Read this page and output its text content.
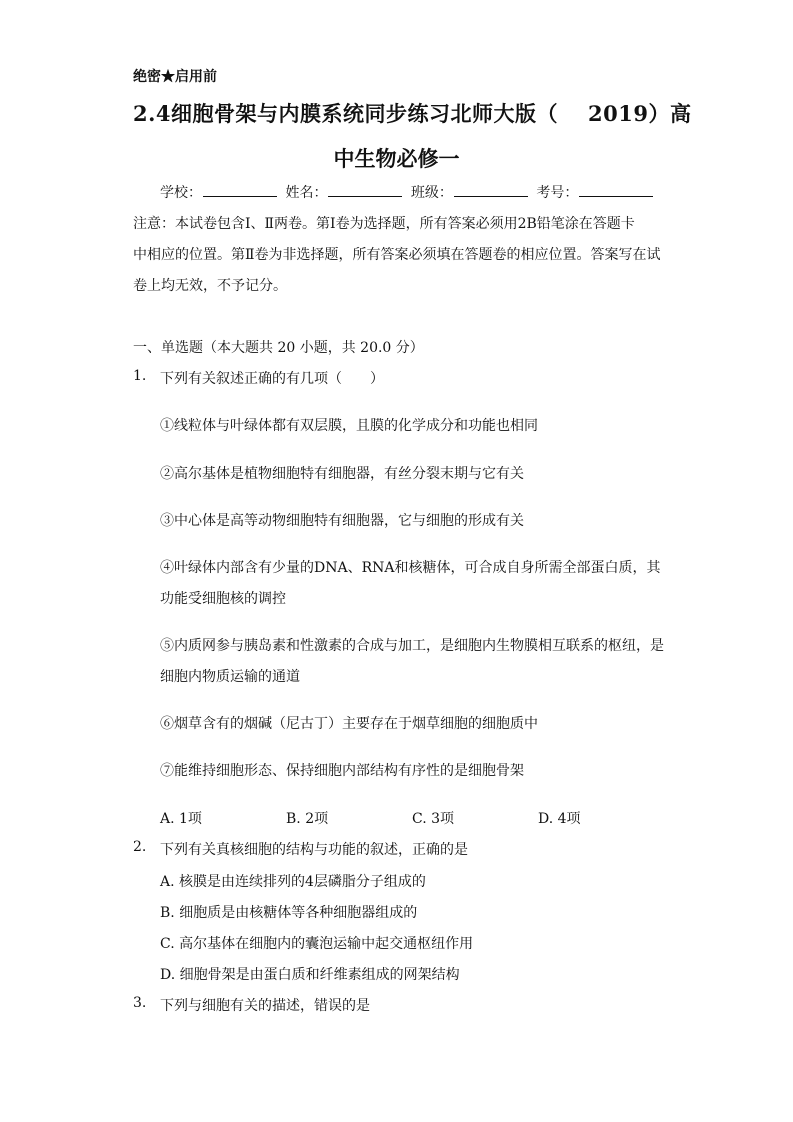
绝密★启用前
2.4细胞骨架与内膜系统同步练习北师大版（ 2019）高
中生物必修一
学校：	姓名：	班级：	考号：
注意：本试卷包含Ⅰ、Ⅱ两卷。第Ⅰ卷为选择题，所有答案必须用2B铅笔涂在答题卡
中相应的位置。第Ⅱ卷为非选择题，所有答案必须填在答题卷的相应位置。答案写在试
卷上均无效，不予记分。
一、单选题（本大题共 20 小题，共 20.0 分）
1. 下列有关叙述正确的有几项（　　）
①线粒体与叶绿体都有双层膜，且膜的化学成分和功能也相同
②高尔基体是植物细胞特有细胞器，有丝分裂末期与它有关
③中心体是高等动物细胞特有细胞器，它与细胞的形成有关
④叶绿体内部含有少量的DNA、RNA和核糖体，可合成自身所需全部蛋白质，其
功能受细胞核的调控
⑤内质网参与胰岛素和性激素的合成与加工，是细胞内生物膜相互联系的枢纽，是
细胞内物质运输的通道
⑥烟草含有的烟碱（尼古丁）主要存在于烟草细胞的细胞质中
⑦能维持细胞形态、保持细胞内部结构有序性的是细胞骨架
A. 1项	B. 2项	C. 3项	D. 4项
2. 下列有关真核细胞的结构与功能的叙述，正确的是
A. 核膜是由连续排列的4层磷脂分子组成的
B. 细胞质是由核糖体等各种细胞器组成的
C. 高尔基体在细胞内的囊泡运输中起交通枢纽作用
D. 细胞骨架是由蛋白质和纤维素组成的网架结构
3. 下列与细胞有关的描述，错误的是
